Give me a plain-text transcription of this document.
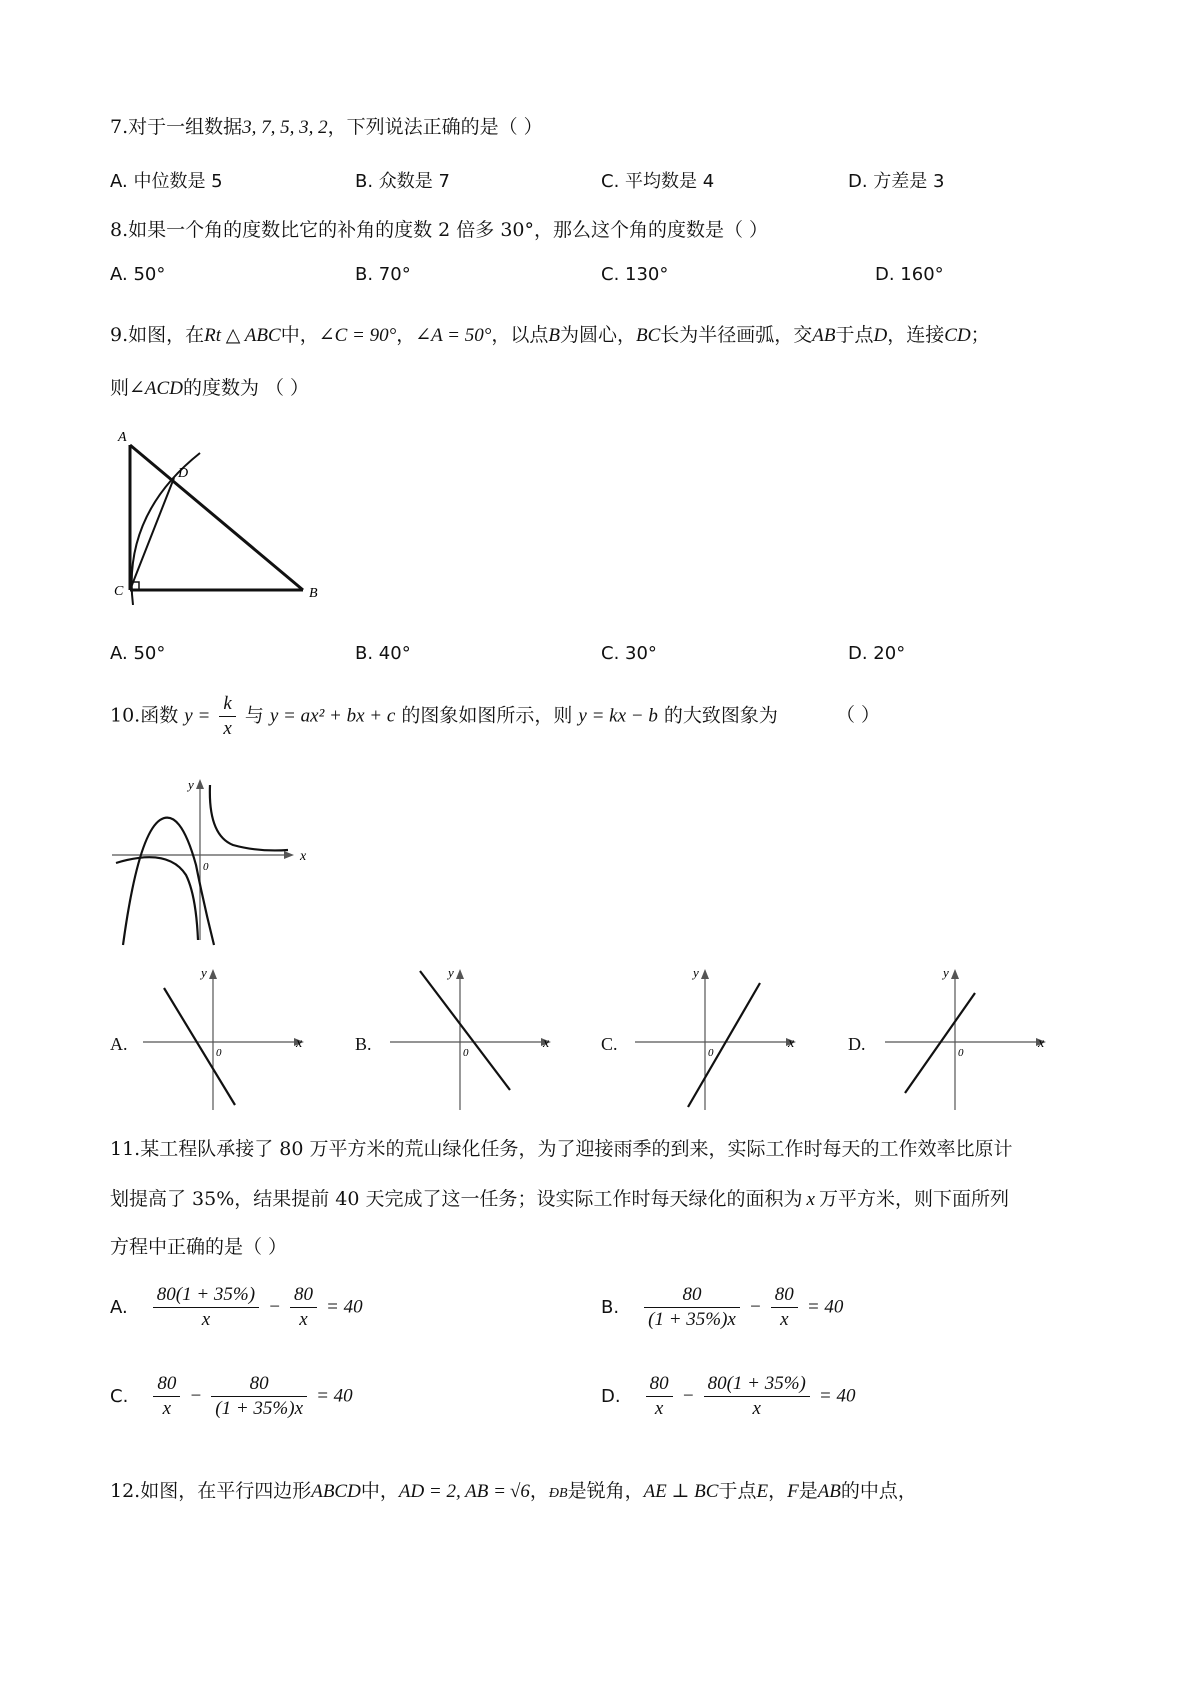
7.对于一组数据3, 7, 5, 3, 2，下列说法正确的是（ ）
A. 中位数是 5	B. 众数是 7	C. 平均数是 4	D. 方差是 3
8.如果一个角的度数比它的补角的度数 2 倍多 30°，那么这个角的度数是（ ）
A. 50°	B. 70°	C. 130°	D. 160°
9.如图，在Rt △ ABC中，∠C = 90°，∠A = 50°，以点B为圆心，BC长为半径画弧，交AB于点D，连接CD；
则∠ACD的度数为 （ ）
A
D
C	B
A. 50°	B. 40°	C. 30°	D. 20°
10.函数 $y = \frac{k}{x}$ 与 y = ax² + bx + c 的图象如图所示，则 y = kx − b 的大致图象为	（ ）
y
x
0
A.
y
x
0	B.
y
x
0	C.
y
x
0	D.
y
x
0
11.某工程队承接了 80 万平方米的荒山绿化任务，为了迎接雨季的到来，实际工作时每天的工作效率比原计
划提高了 35%，结果提前 40 天完成了这一任务；设实际工作时每天绿化的面积为 x 万平方米，则下面所列
方程中正确的是（ ）
A. $\frac{80(1 + 35\%)}{x} - \frac{80}{x} = 40$	B. $\frac{80}{(1 + 35\%)x} - \frac{80}{x} = 40$
C. $\frac{80}{x} - \frac{80}{(1 + 35\%)x} = 40$	D. $\frac{80}{x} - \frac{80(1 + 35\%)}{x} = 40$
12.如图，在平行四边形ABCD中，AD = 2, AB = √6，ÐB是锐角，AE ⊥ BC于点E，F是AB的中点，
